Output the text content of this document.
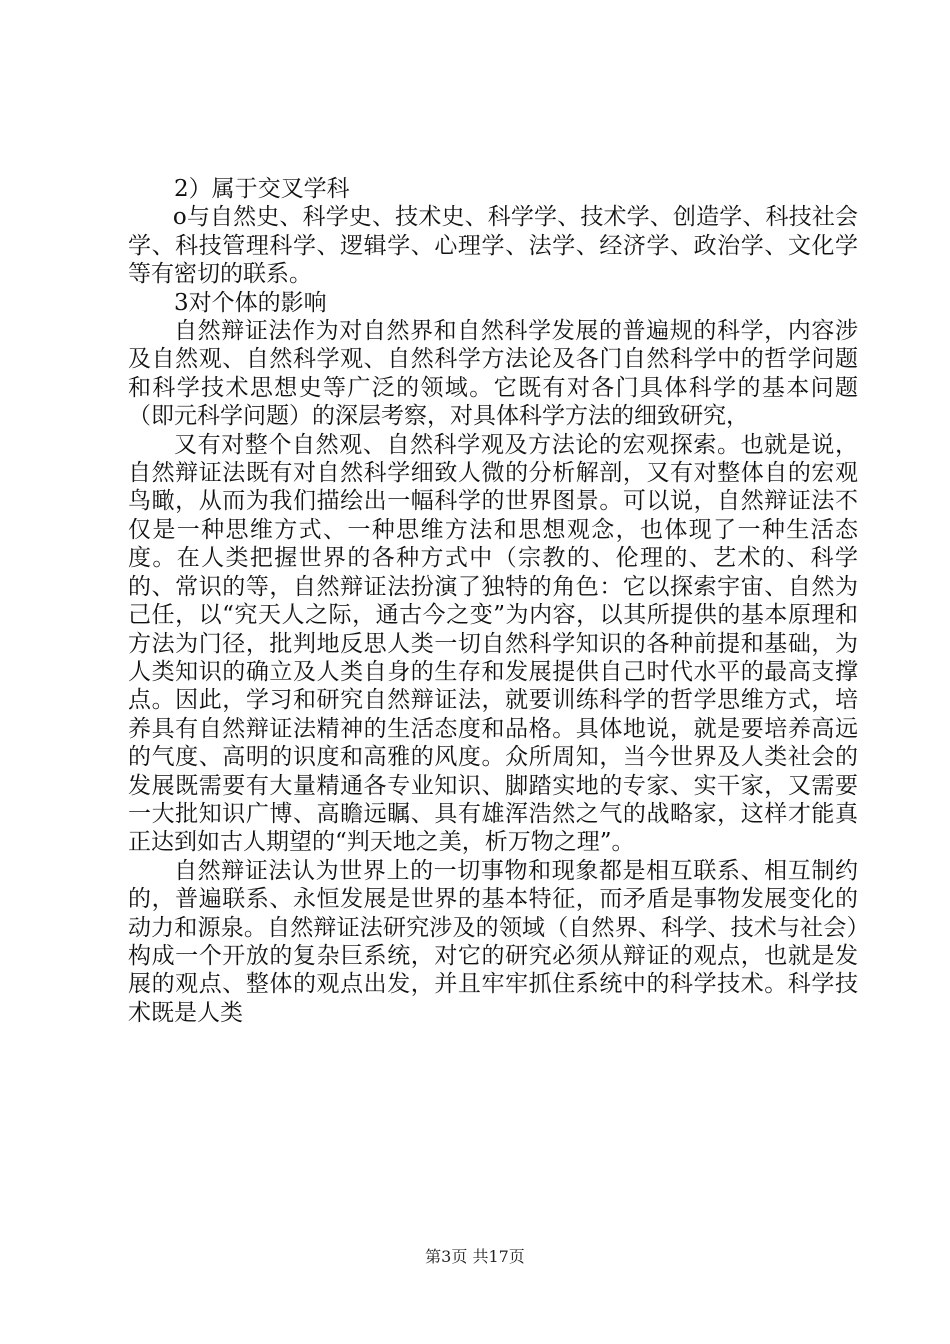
2）属于交叉学科

o与自然史、科学史、技术史、科学学、技术学、创造学、科技社会学、科技管理科学、逻辑学、心理学、法学、经济学、政治学、文化学等有密切的联系。

3对个体的影响

自然辩证法作为对自然界和自然科学发展的普遍规的科学，内容涉及自然观、自然科学观、自然科学方法论及各门自然科学中的哲学问题和科学技术思想史等广泛的领域。它既有对各门具体科学的基本问题（即元科学问题）的深层考察，对具体科学方法的细致研究，

又有对整个自然观、自然科学观及方法论的宏观探索。也就是说，自然辩证法既有对自然科学细致人微的分析解剖，又有对整体自的宏观鸟瞰，从而为我们描绘出一幅科学的世界图景。可以说，自然辩证法不仅是一种思维方式、一种思维方法和思想观念，也体现了一种生活态度。在人类把握世界的各种方式中（宗教的、伦理的、艺术的、科学的、常识的等，自然辩证法扮演了独特的角色：它以探索宇宙、自然为己任，以“究天人之际，通古今之变”为内容，以其所提供的基本原理和方法为门径，批判地反思人类一切自然科学知识的各种前提和基础，为人类知识的确立及人类自身的生存和发展提供自己时代水平的最高支撑点。因此，学习和研究自然辩证法，就要训练科学的哲学思维方式，培养具有自然辩证法精神的生活态度和品格。具体地说，就是要培养高远的气度、高明的识度和高雅的风度。众所周知，当今世界及人类社会的发展既需要有大量精通各专业知识、脚踏实地的专家、实干家，又需要一大批知识广博、高瞻远瞩、具有雄浑浩然之气的战略家，这样才能真正达到如古人期望的“判天地之美，析万物之理”。

自然辩证法认为世界上的一切事物和现象都是相互联系、相互制约的，普遍联系、永恒发展是世界的基本特征，而矛盾是事物发展变化的动力和源泉。自然辩证法研究涉及的领域（自然界、科学、技术与社会）构成一个开放的复杂巨系统，对它的研究必须从辩证的观点，也就是发展的观点、整体的观点出发，并且牢牢抓住系统中的科学技术。科学技术既是人类

第3页 共17页
